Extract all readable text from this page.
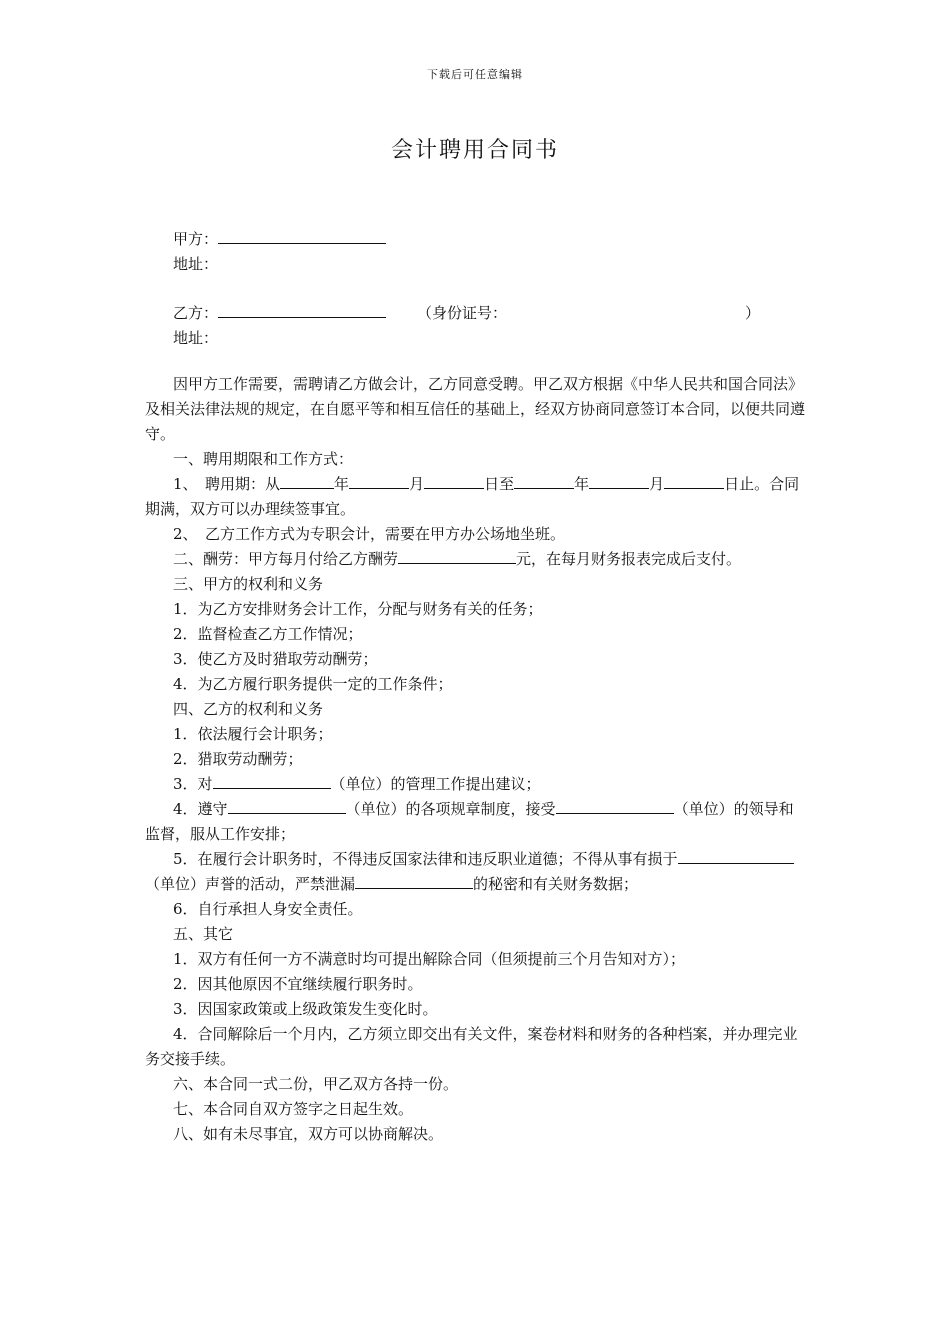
下载后可任意编辑
会计聘用合同书
甲方：
地址：
乙方：	（身份证号：	）
地址：

因甲方工作需要，需聘请乙方做会计，乙方同意受聘。甲乙双方根据《中华人民共和国合同法》及相关法律法规的规定，在自愿平等和相互信任的基础上，经双方协商同意签订本合同，以便共同遵守。

一、聘用期限和工作方式：

1、　聘用期：从	年	月	日至	年	月	日止。合同期满，双方可以办理续签事宜。

2、　乙方工作方式为专职会计，需要在甲方办公场地坐班。

二、酬劳：甲方每月付给乙方酬劳	元，在每月财务报表完成后支付。

三、甲方的权利和义务

1．为乙方安排财务会计工作，分配与财务有关的任务；

2．监督检查乙方工作情况；

3．使乙方及时猎取劳动酬劳；

4．为乙方履行职务提供一定的工作条件；

四、乙方的权利和义务

1．依法履行会计职务；

2．猎取劳动酬劳；

3．对	（单位）的管理工作提出建议；

4．遵守	（单位）的各项规章制度，接受	（单位）的领导和监督，服从工作安排；

5．在履行会计职务时，不得违反国家法律和违反职业道德；不得从事有损于（单位）声誉的活动，严禁泄漏	的秘密和有关财务数据；

6．自行承担人身安全责任。

五、其它

1．双方有任何一方不满意时均可提出解除合同（但须提前三个月告知对方）；

2．因其他原因不宜继续履行职务时。

3．因国家政策或上级政策发生变化时。

4．合同解除后一个月内，乙方须立即交出有关文件，案卷材料和财务的各种档案，并办理完业务交接手续。

六、本合同一式二份，甲乙双方各持一份。

七、本合同自双方签字之日起生效。

八、如有未尽事宜，双方可以协商解决。
